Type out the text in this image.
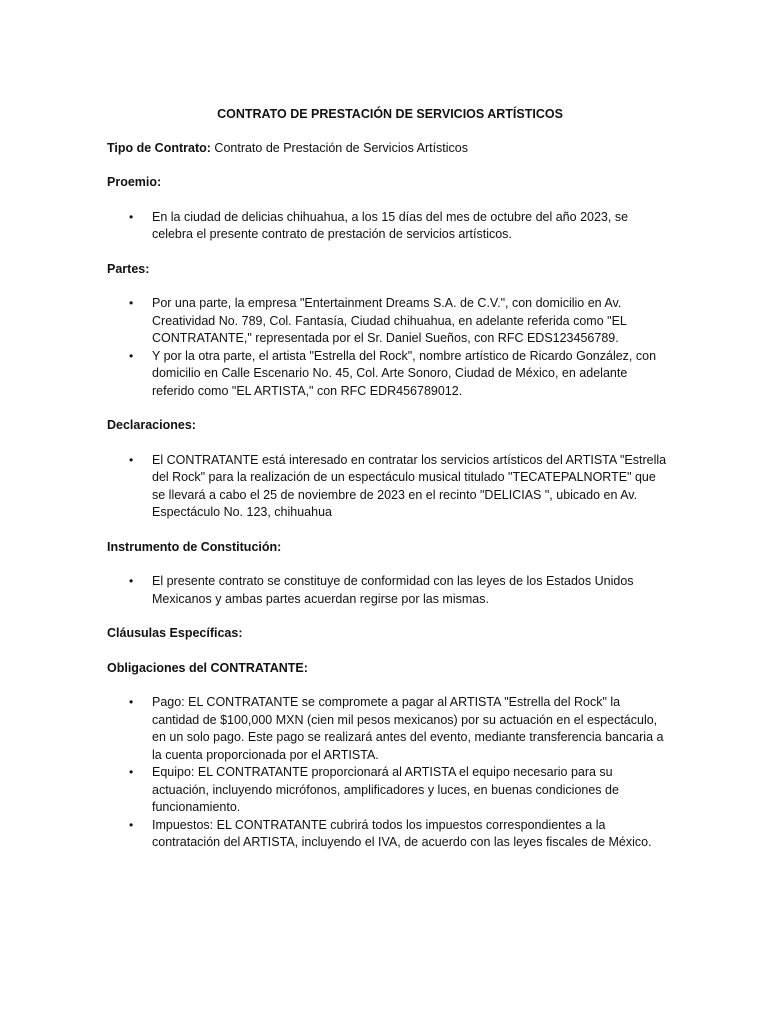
CONTRATO DE PRESTACIÓN DE SERVICIOS ARTÍSTICOS

Tipo de Contrato: Contrato de Prestación de Servicios Artísticos

Proemio:

• En la ciudad de delicias chihuahua, a los 15 días del mes de octubre del año 2023, se celebra el presente contrato de prestación de servicios artísticos.

Partes:

• Por una parte, la empresa "Entertainment Dreams S.A. de C.V.", con domicilio en Av. Creatividad No. 789, Col. Fantasía, Ciudad chihuahua, en adelante referida como "EL CONTRATANTE," representada por el Sr. Daniel Sueños, con RFC EDS123456789.
• Y por la otra parte, el artista "Estrella del Rock", nombre artístico de Ricardo González, con domicilio en Calle Escenario No. 45, Col. Arte Sonoro, Ciudad de México, en adelante referido como "EL ARTISTA," con RFC EDR456789012.

Declaraciones:

• El CONTRATANTE está interesado en contratar los servicios artísticos del ARTISTA "Estrella del Rock" para la realización de un espectáculo musical titulado "TECATEPALNORTE" que se llevará a cabo el 25 de noviembre de 2023 en el recinto "DELICIAS ", ubicado en Av. Espectáculo No. 123, chihuahua

Instrumento de Constitución:

• El presente contrato se constituye de conformidad con las leyes de los Estados Unidos Mexicanos y ambas partes acuerdan regirse por las mismas.

Cláusulas Específicas:

Obligaciones del CONTRATANTE:

• Pago: EL CONTRATANTE se compromete a pagar al ARTISTA "Estrella del Rock" la cantidad de $100,000 MXN (cien mil pesos mexicanos) por su actuación en el espectáculo, en un solo pago. Este pago se realizará antes del evento, mediante transferencia bancaria a la cuenta proporcionada por el ARTISTA.
• Equipo: EL CONTRATANTE proporcionará al ARTISTA el equipo necesario para su actuación, incluyendo micrófonos, amplificadores y luces, en buenas condiciones de funcionamiento.
• Impuestos: EL CONTRATANTE cubrirá todos los impuestos correspondientes a la contratación del ARTISTA, incluyendo el IVA, de acuerdo con las leyes fiscales de México.
